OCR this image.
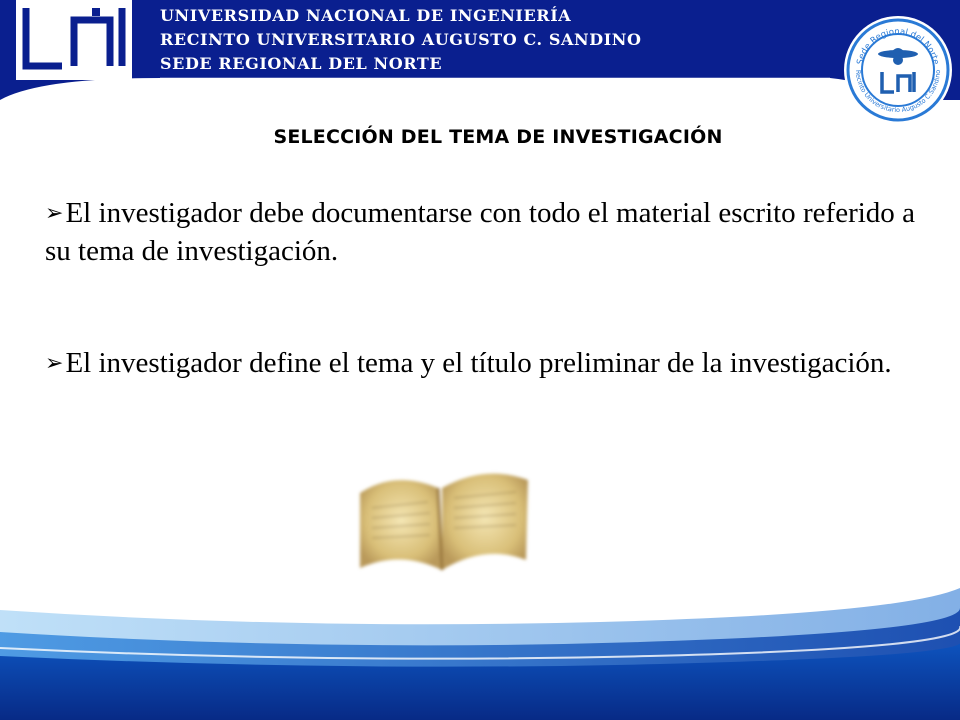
UNIVERSIDAD NACIONAL DE INGENIERÍA
RECINTO UNIVERSITARIO AUGUSTO C. SANDINO
SEDE REGIONAL DEL NORTE	Sede Regional del Norte
Recinto Universitario Augusto C.Sandino
SELECCIÓN DEL TEMA DE INVESTIGACIÓN

➢El investigador debe documentarse con todo el material escrito referido a su tema de investigación.

➢El investigador define el tema y el título preliminar de la investigación.
